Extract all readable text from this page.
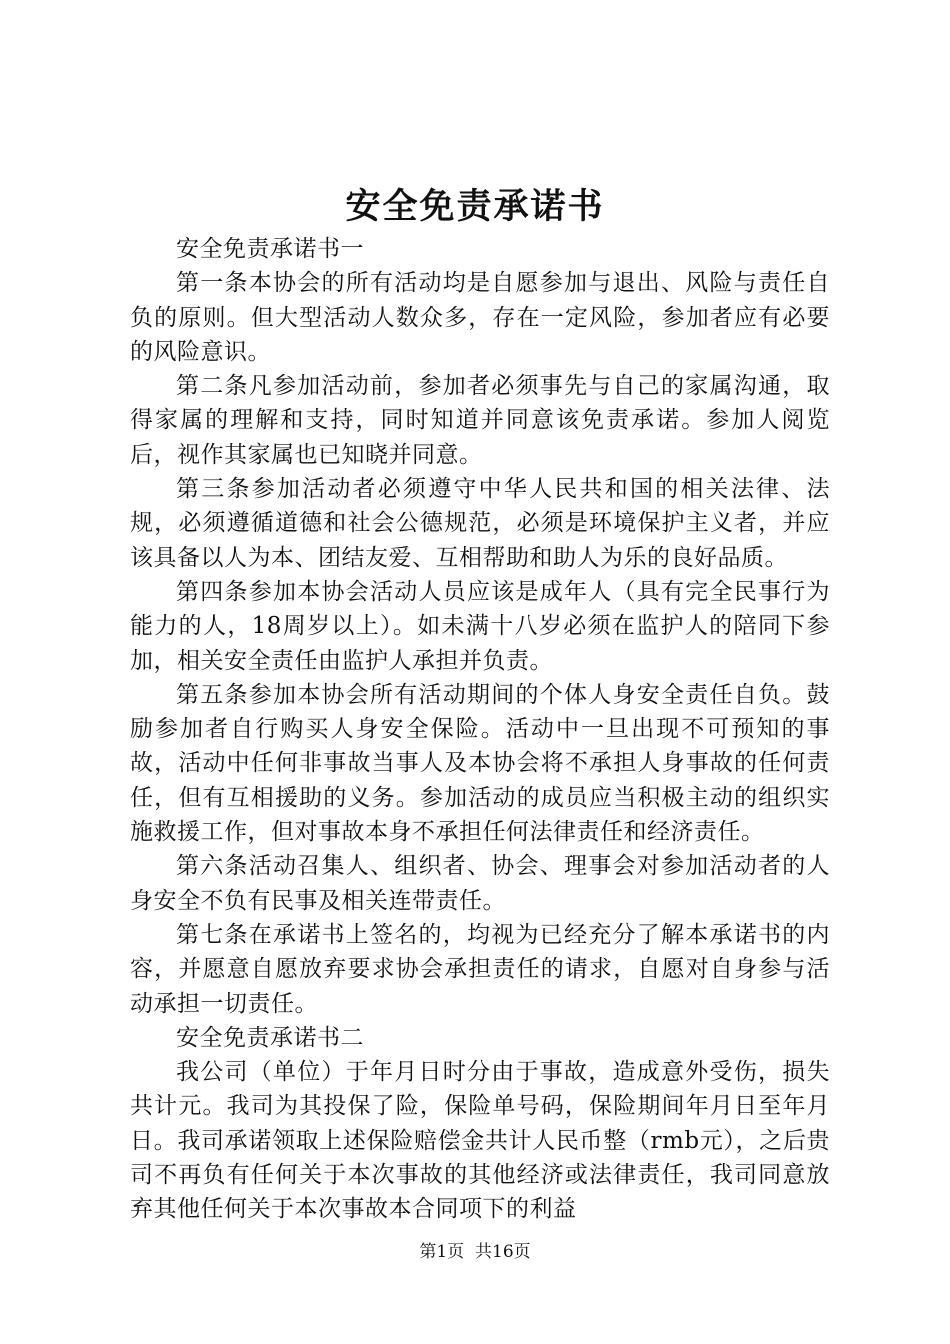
安全免责承诺书

安全免责承诺书一

第一条本协会的所有活动均是自愿参加与退出、风险与责任自负的原则。但大型活动人数众多，存在一定风险，参加者应有必要的风险意识。

第二条凡参加活动前，参加者必须事先与自己的家属沟通，取得家属的理解和支持，同时知道并同意该免责承诺。参加人阅览后，视作其家属也已知晓并同意。

第三条参加活动者必须遵守中华人民共和国的相关法律、法规，必须遵循道德和社会公德规范，必须是环境保护主义者，并应该具备以人为本、团结友爱、互相帮助和助人为乐的良好品质。

第四条参加本协会活动人员应该是成年人（具有完全民事行为能力的人，18周岁以上）。如未满十八岁必须在监护人的陪同下参加，相关安全责任由监护人承担并负责。

第五条参加本协会所有活动期间的个体人身安全责任自负。鼓励参加者自行购买人身安全保险。活动中一旦出现不可预知的事故，活动中任何非事故当事人及本协会将不承担人身事故的任何责任，但有互相援助的义务。参加活动的成员应当积极主动的组织实施救援工作，但对事故本身不承担任何法律责任和经济责任。

第六条活动召集人、组织者、协会、理事会对参加活动者的人身安全不负有民事及相关连带责任。

第七条在承诺书上签名的，均视为已经充分了解本承诺书的内容，并愿意自愿放弃要求协会承担责任的请求，自愿对自身参与活动承担一切责任。

安全免责承诺书二

我公司（单位）于年月日时分由于事故，造成意外受伤，损失共计元。我司为其投保了险，保险单号码，保险期间年月日至年月日。我司承诺领取上述保险赔偿金共计人民币整（rmb元），之后贵司不再负有任何关于本次事故的其他经济或法律责任，我司同意放弃其他任何关于本次事故本合同项下的利益

第1页 共16页
